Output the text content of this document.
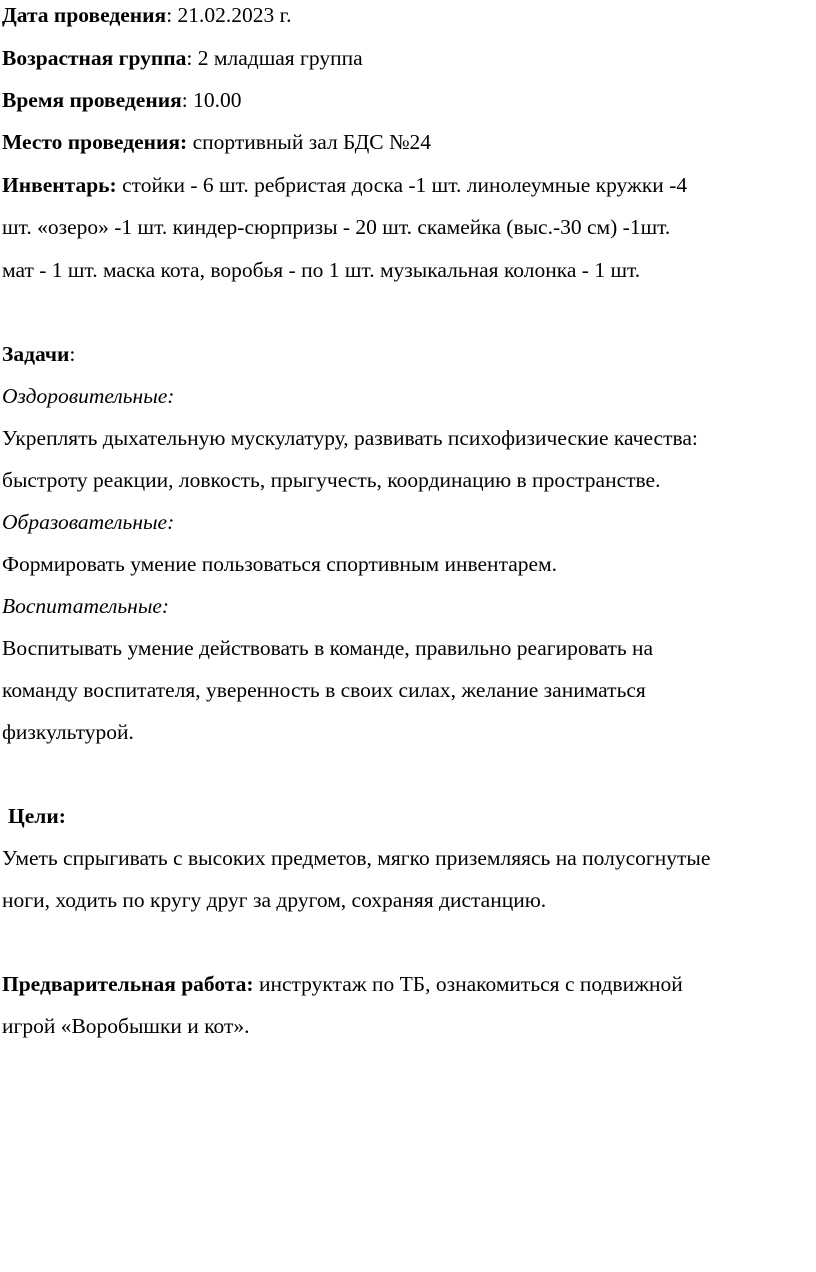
Дата проведения: 21.02.2023 г.
Возрастная группа: 2 младшая группа
Время проведения: 10.00
Место проведения: спортивный зал БДС №24
Инвентарь: стойки - 6 шт. ребристая доска -1 шт. линолеумные кружки -4
шт. «озеро» -1 шт. киндер-сюрпризы - 20 шт. скамейка (выс.-30 см) -1шт.
мат - 1 шт. маска кота, воробья - по 1 шт. музыкальная колонка - 1 шт.
Задачи:
Оздоровительные:
Укреплять дыхательную мускулатуру, развивать психофизические качества:
быстроту реакции, ловкость, прыгучесть, координацию в пространстве.
Образовательные:
Формировать умение пользоваться спортивным инвентарем.
Воспитательные:
Воспитывать умение действовать в команде, правильно реагировать на
команду воспитателя, уверенность в своих силах, желание заниматься
физкультурой.
Цели:
Уметь спрыгивать с высоких предметов, мягко приземляясь на полусогнутые
ноги, ходить по кругу друг за другом, сохраняя дистанцию.
Предварительная работа: инструктаж по ТБ, ознакомиться с подвижной
игрой «Воробышки и кот».
